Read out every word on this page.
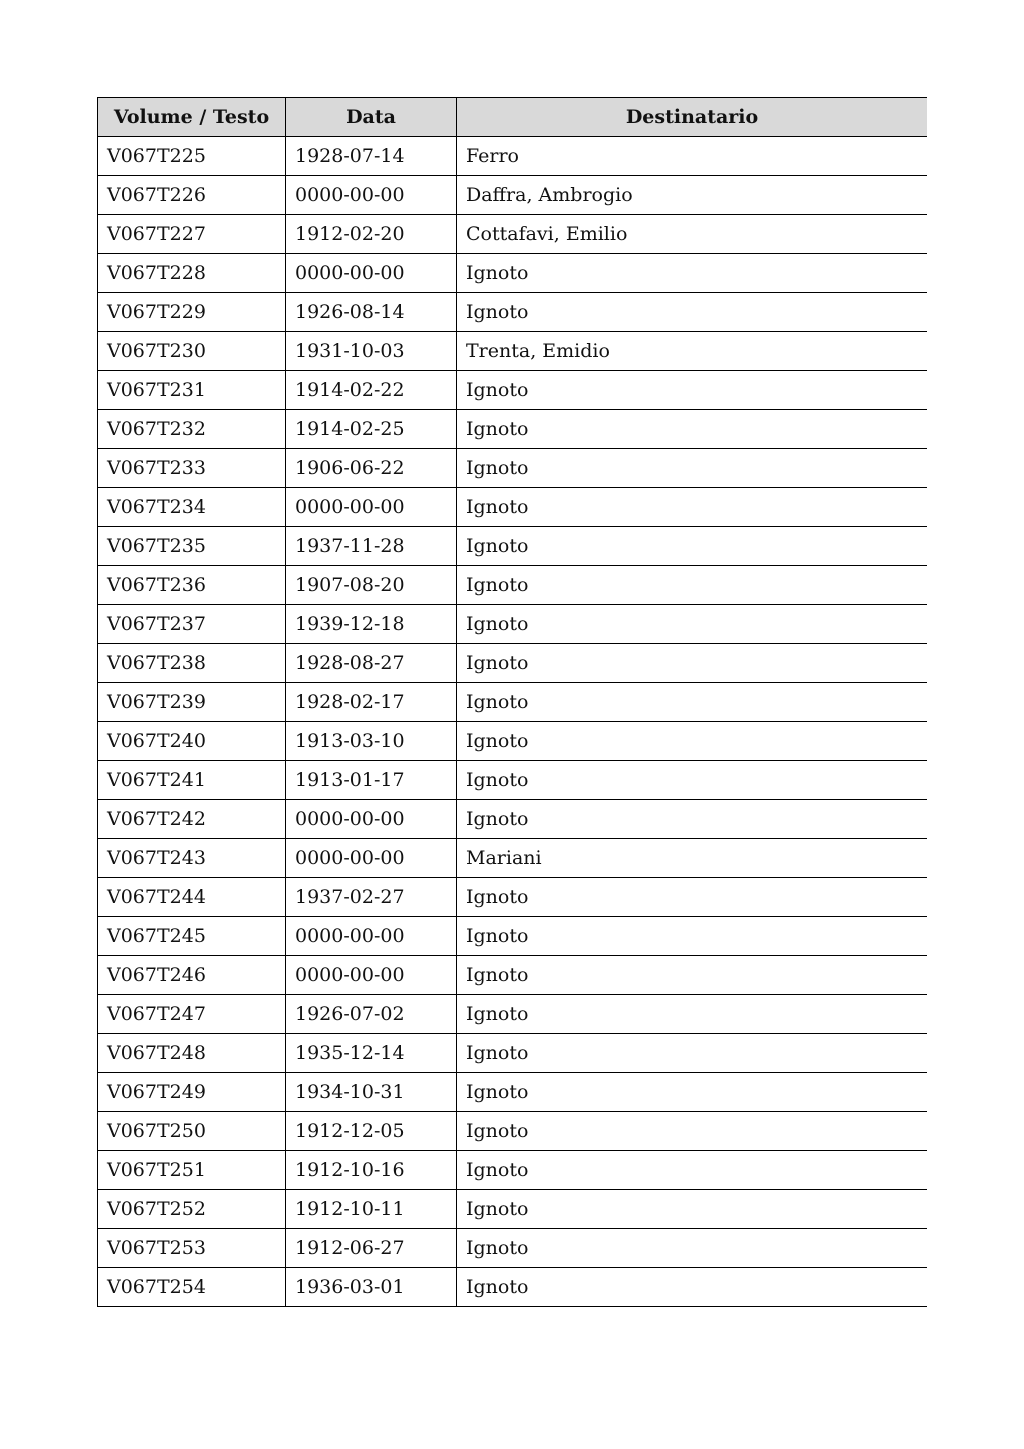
Volume / Testo	Data	Destinatario
V067T225	1928-07-14	Ferro
V067T226	0000-00-00	Daffra, Ambrogio
V067T227	1912-02-20	Cottafavi, Emilio
V067T228	0000-00-00	Ignoto
V067T229	1926-08-14	Ignoto
V067T230	1931-10-03	Trenta, Emidio
V067T231	1914-02-22	Ignoto
V067T232	1914-02-25	Ignoto
V067T233	1906-06-22	Ignoto
V067T234	0000-00-00	Ignoto
V067T235	1937-11-28	Ignoto
V067T236	1907-08-20	Ignoto
V067T237	1939-12-18	Ignoto
V067T238	1928-08-27	Ignoto
V067T239	1928-02-17	Ignoto
V067T240	1913-03-10	Ignoto
V067T241	1913-01-17	Ignoto
V067T242	0000-00-00	Ignoto
V067T243	0000-00-00	Mariani
V067T244	1937-02-27	Ignoto
V067T245	0000-00-00	Ignoto
V067T246	0000-00-00	Ignoto
V067T247	1926-07-02	Ignoto
V067T248	1935-12-14	Ignoto
V067T249	1934-10-31	Ignoto
V067T250	1912-12-05	Ignoto
V067T251	1912-10-16	Ignoto
V067T252	1912-10-11	Ignoto
V067T253	1912-06-27	Ignoto
V067T254	1936-03-01	Ignoto
